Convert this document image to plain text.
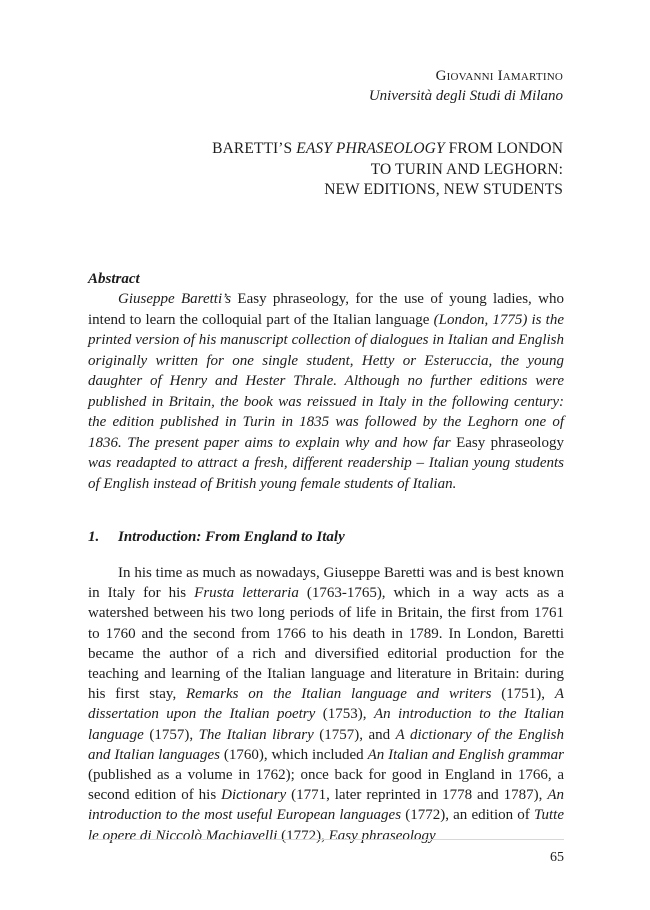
Giovanni Iamartino
Università degli Studi di Milano
BARETTI’S EASY PHRASEOLOGY FROM LONDON
TO TURIN AND LEGHORN:
NEW EDITIONS, NEW STUDENTS
Abstract

Giuseppe Baretti’s Easy phraseology, for the use of young ladies, who intend to learn the colloquial part of the Italian language (London, 1775) is the printed version of his manuscript collection of dialogues in Italian and English originally written for one single student, Hetty or Esteruccia, the young daughter of Henry and Hester Thrale. Although no further editions were published in Britain, the book was reissued in Italy in the following century: the edition published in Turin in 1835 was followed by the Leghorn one of 1836. The present paper aims to explain why and how far Easy phraseology was readapted to attract a fresh, different readership – Italian young students of English instead of British young female students of Italian.

1. Introduction: From England to Italy

In his time as much as nowadays, Giuseppe Baretti was and is best known in Italy for his Frusta letteraria (1763-1765), which in a way acts as a watershed between his two long periods of life in Britain, the first from 1761 to 1760 and the second from 1766 to his death in 1789. In London, Baretti became the author of a rich and diversified editorial production for the teaching and learning of the Italian language and literature in Britain: during his first stay, Remarks on the Italian language and writers (1751), A dissertation upon the Italian poetry (1753), An introduction to the Italian language (1757), The Italian library (1757), and A dictionary of the English and Italian languages (1760), which included An Italian and English grammar (published as a volume in 1762); once back for good in England in 1766, a second edition of his Dictionary (1771, later reprinted in 1778 and 1787), An introduction to the most useful European languages (1772), an edition of Tutte le opere di Niccolò Machiavelli (1772), Easy phraseology

65
